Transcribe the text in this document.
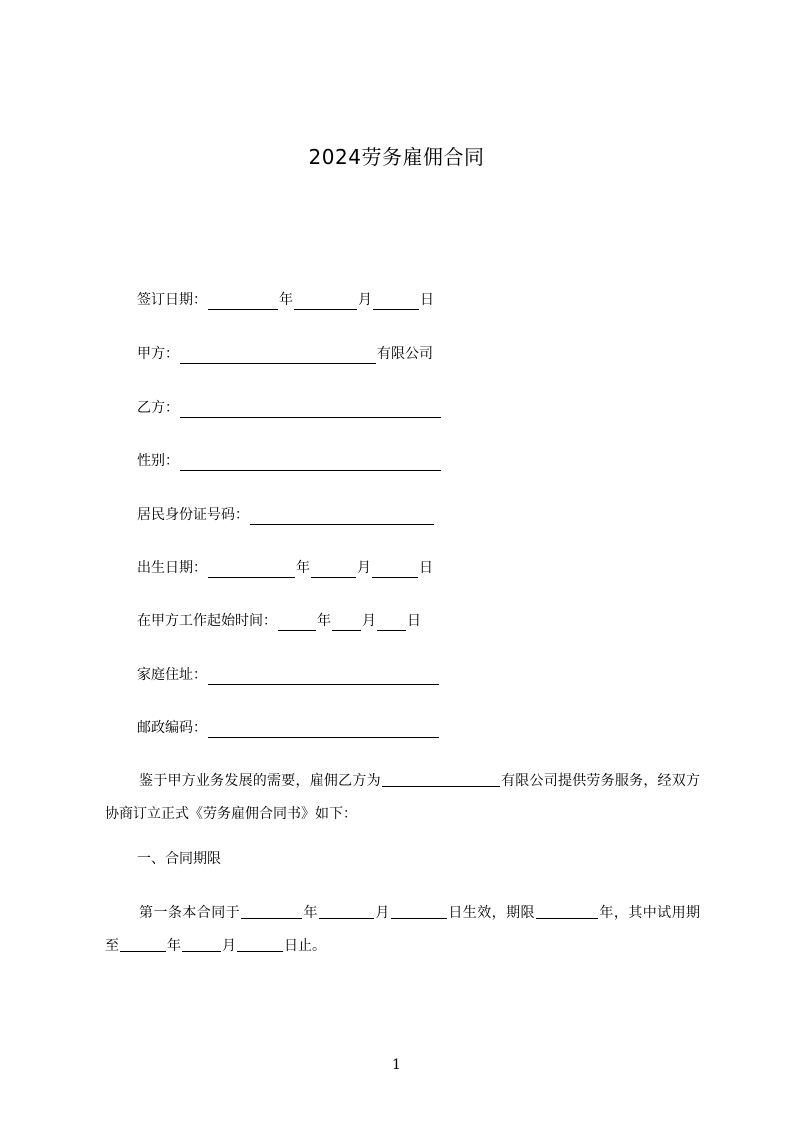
2024劳务雇佣合同
签订日期：	年	月	日
甲方：	有限公司
乙方：
性别：
居民身份证号码：
出生日期：	年	月	日
在甲方工作起始时间：	年 月 日
家庭住址：
邮政编码：
鉴于甲方业务发展的需要，雇佣乙方为	有限公司提供劳务服务，经双方协商订立正式《劳务雇佣合同书》如下：
一、合同期限
第一条本合同于	年	月	日生效，期限	年，其中试用期至	年	月	日止。
1
